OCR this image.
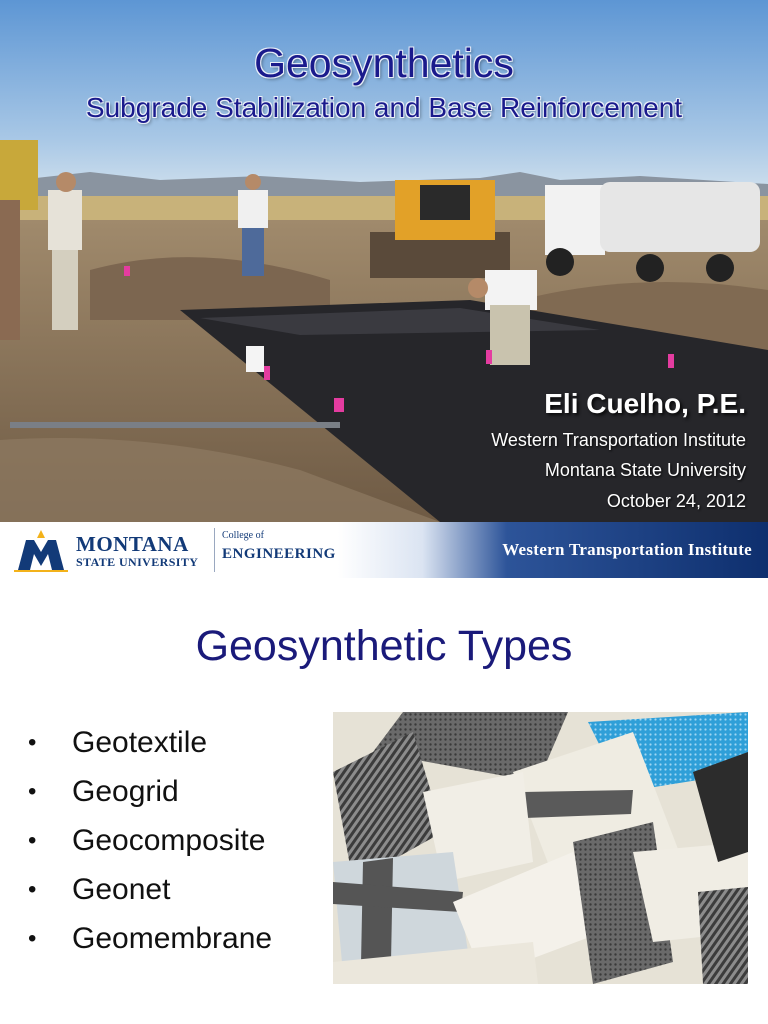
Geosynthetics
Subgrade Stabilization and Base Reinforcement
Eli Cuelho, P.E.
Western Transportation Institute
Montana State University
October 24, 2012
MONTANA
STATE UNIVERSITY
College of
ENGINEERING	Western Transportation Institute
Geosynthetic Types
•	Geotextile
•	Geogrid
•	Geocomposite
•	Geonet
•	Geomembrane
